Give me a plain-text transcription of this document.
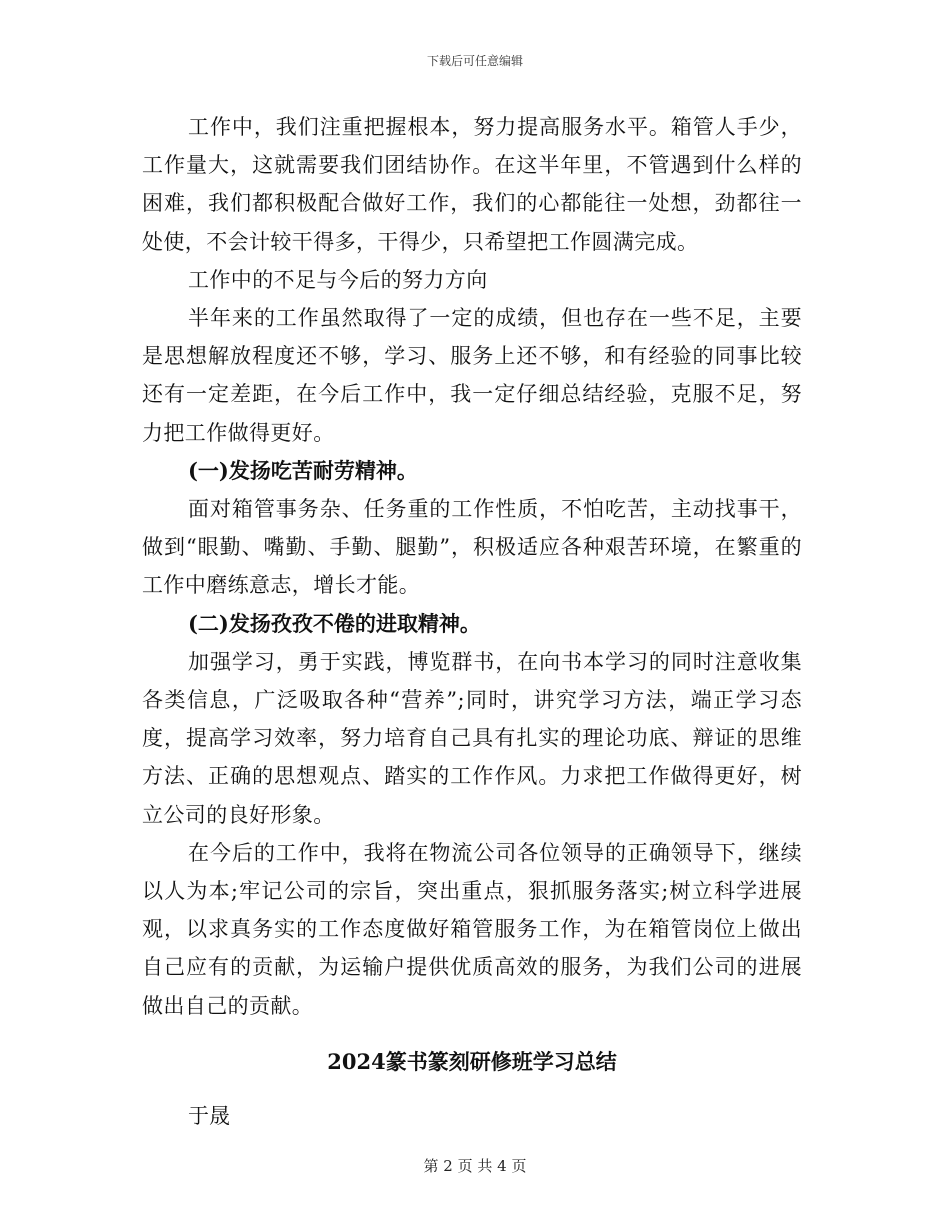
下载后可任意编辑

工作中，我们注重把握根本，努力提高服务水平。箱管人手少，工作量大，这就需要我们团结协作。在这半年里，不管遇到什么样的困难，我们都积极配合做好工作，我们的心都能往一处想，劲都往一处使，不会计较干得多，干得少，只希望把工作圆满完成。

工作中的不足与今后的努力方向

半年来的工作虽然取得了一定的成绩，但也存在一些不足，主要是思想解放程度还不够，学习、服务上还不够，和有经验的同事比较还有一定差距，在今后工作中，我一定仔细总结经验，克服不足，努力把工作做得更好。

(一)发扬吃苦耐劳精神。

面对箱管事务杂、任务重的工作性质，不怕吃苦，主动找事干，做到“眼勤、嘴勤、手勤、腿勤”，积极适应各种艰苦环境，在繁重的工作中磨练意志，增长才能。

(二)发扬孜孜不倦的进取精神。

加强学习，勇于实践，博览群书，在向书本学习的同时注意收集各类信息，广泛吸取各种“营养”;同时，讲究学习方法，端正学习态度，提高学习效率，努力培育自己具有扎实的理论功底、辩证的思维方法、正确的思想观点、踏实的工作作风。力求把工作做得更好，树立公司的良好形象。

在今后的工作中，我将在物流公司各位领导的正确领导下，继续以人为本;牢记公司的宗旨，突出重点，狠抓服务落实;树立科学进展观，以求真务实的工作态度做好箱管服务工作，为在箱管岗位上做出自己应有的贡献，为运输户提供优质高效的服务，为我们公司的进展做出自己的贡献。

2024篆书篆刻研修班学习总结

于晟

第 2 页 共 4 页
